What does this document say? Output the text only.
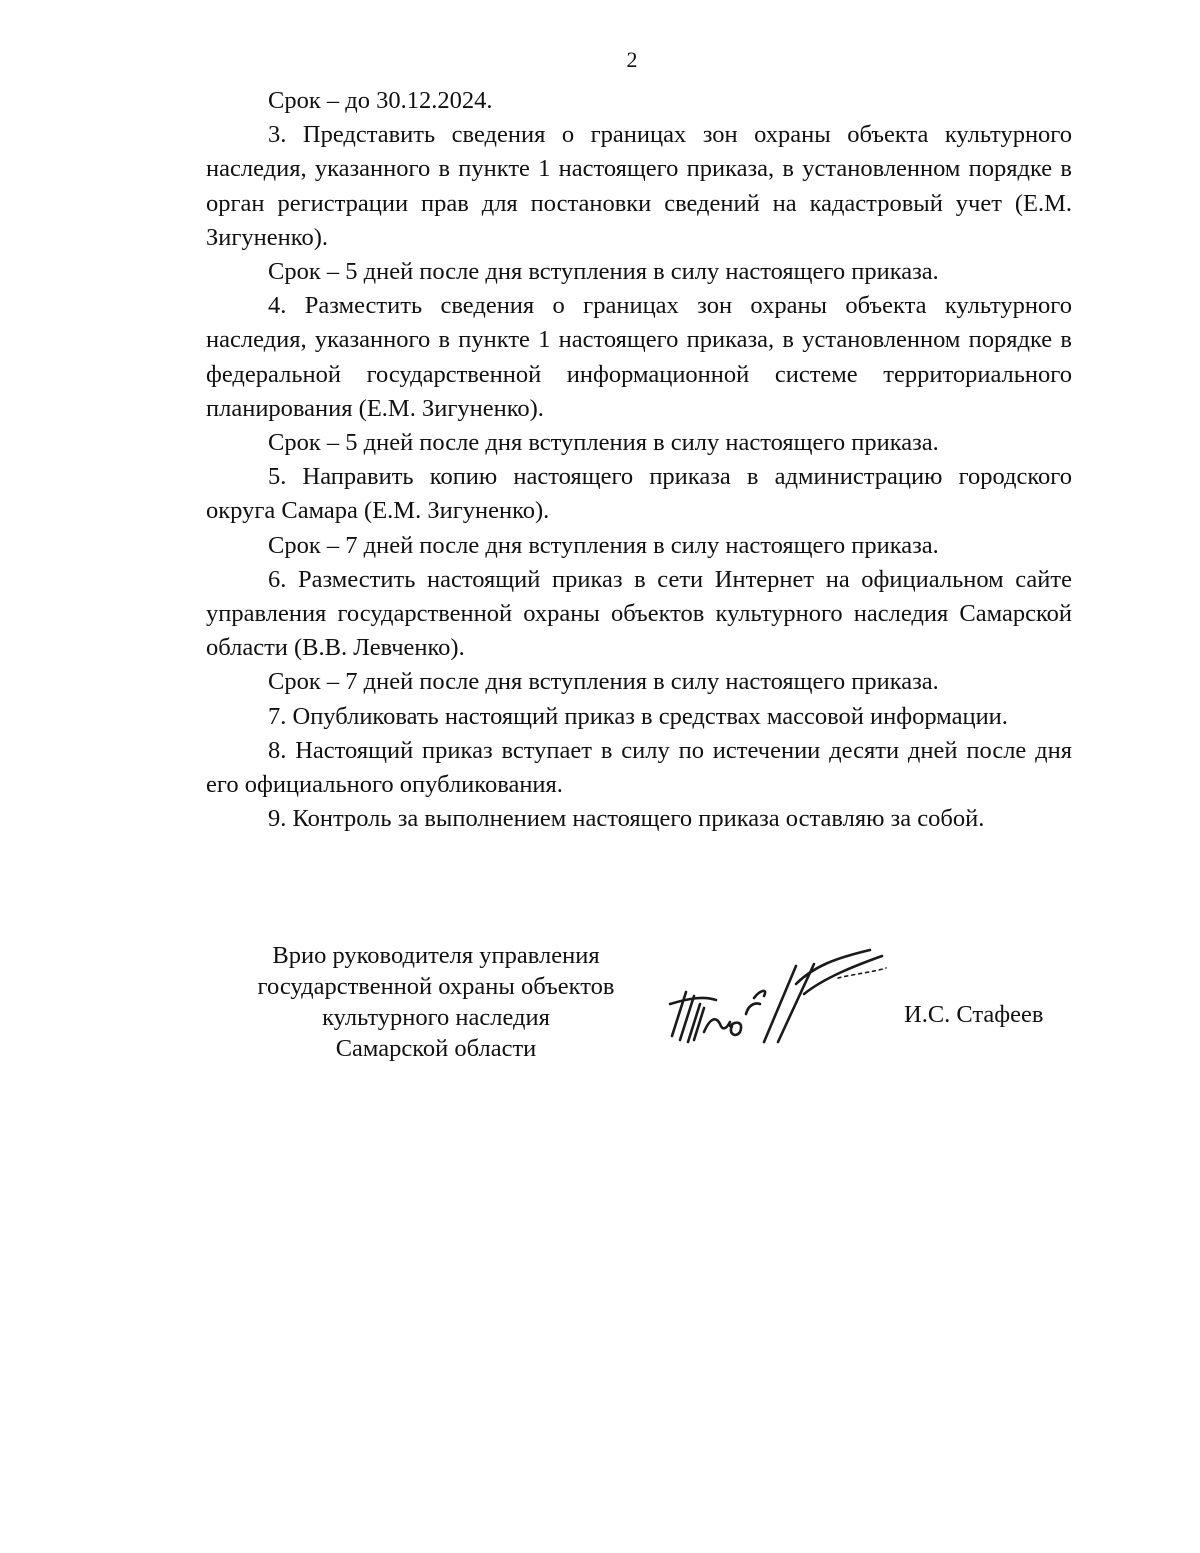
2

Срок – до 30.12.2024.

3. Представить сведения о границах зон охраны объекта культурного наследия, указанного в пункте 1 настоящего приказа, в установленном порядке в орган регистрации прав для постановки сведений на кадастровый учет (Е.М. Зигуненко).

Срок – 5 дней после дня вступления в силу настоящего приказа.

4. Разместить сведения о границах зон охраны объекта культурного наследия, указанного в пункте 1 настоящего приказа, в установленном порядке в федеральной государственной информационной системе территориального планирования (Е.М. Зигуненко).

Срок – 5 дней после дня вступления в силу настоящего приказа.

5. Направить копию настоящего приказа в администрацию городского округа Самара (Е.М. Зигуненко).

Срок – 7 дней после дня вступления в силу настоящего приказа.

6. Разместить настоящий приказ в сети Интернет на официальном сайте управления государственной охраны объектов культурного наследия Самарской области (В.В. Левченко).

Срок – 7 дней после дня вступления в силу настоящего приказа.

7. Опубликовать настоящий приказ в средствах массовой информации.

8. Настоящий приказ вступает в силу по истечении десяти дней после дня его официального опубликования.

9. Контроль за выполнением настоящего приказа оставляю за собой.

Врио руководителя управления
государственной охраны объектов
культурного наследия
Самарской области
И.С. Стафеев
